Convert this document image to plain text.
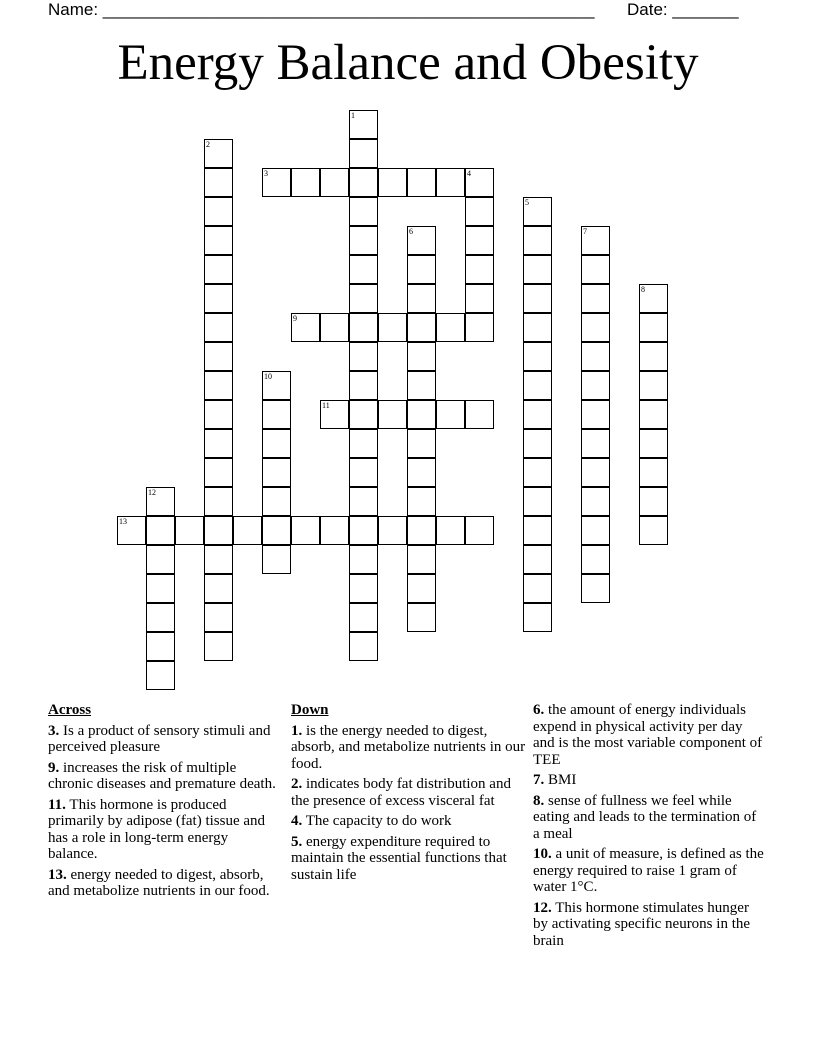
Name: ____________________________________________________ Date: _______
Energy Balance and Obesity
1
2
3	4
5
6	7
8
9
10
11
12
13
Across
3. Is a product of sensory stimuli and perceived pleasure
9. increases the risk of multiple chronic diseases and premature death.
11. This hormone is produced primarily by adipose (fat) tissue and has a role in long-term energy balance.
13. energy needed to digest, absorb, and metabolize nutrients in our food.
Down
1. is the energy needed to digest, absorb, and metabolize nutrients in our food.
2. indicates body fat distribution and the presence of excess visceral fat
4. The capacity to do work
5. energy expenditure required to maintain the essential functions that sustain life
6. the amount of energy individuals expend in physical activity per day and is the most variable component of TEE
7. BMI
8. sense of fullness we feel while eating and leads to the termination of a meal
10. a unit of measure, is defined as the energy required to raise 1 gram of water 1°C.
12. This hormone stimulates hunger by activating specific neurons in the brain
